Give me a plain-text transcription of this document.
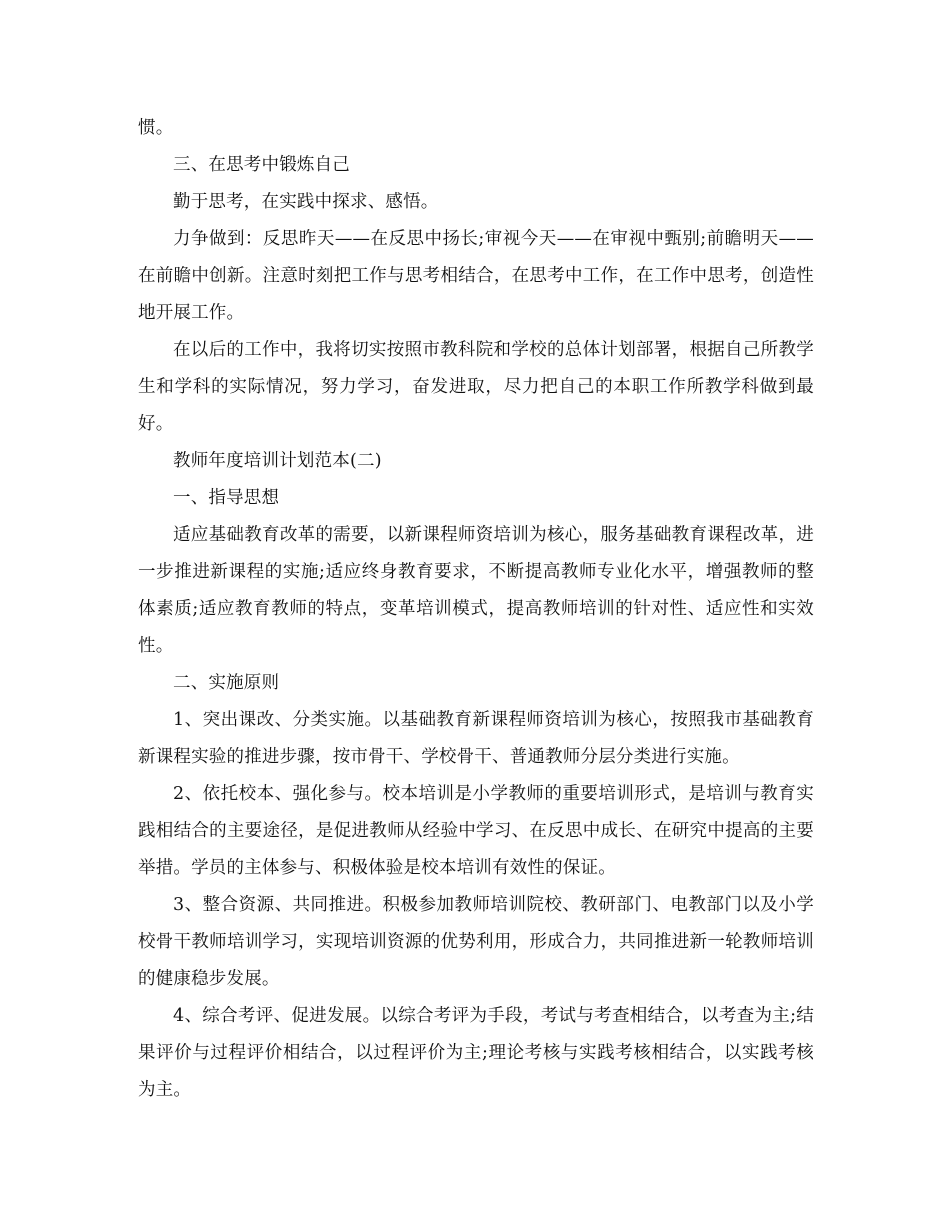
惯。

三、在思考中锻炼自己

勤于思考，在实践中探求、感悟。

力争做到：反思昨天——在反思中扬长;审视今天——在审视中甄别;前瞻明天——在前瞻中创新。注意时刻把工作与思考相结合，在思考中工作，在工作中思考，创造性地开展工作。

在以后的工作中，我将切实按照市教科院和学校的总体计划部署，根据自己所教学生和学科的实际情况，努力学习，奋发进取，尽力把自己的本职工作所教学科做到最好。

教师年度培训计划范本(二)

一、指导思想

适应基础教育改革的需要，以新课程师资培训为核心，服务基础教育课程改革，进一步推进新课程的实施;适应终身教育要求，不断提高教师专业化水平，增强教师的整体素质;适应教育教师的特点，变革培训模式，提高教师培训的针对性、适应性和实效性。

二、实施原则

1、突出课改、分类实施。以基础教育新课程师资培训为核心，按照我市基础教育新课程实验的推进步骤，按市骨干、学校骨干、普通教师分层分类进行实施。

2、依托校本、强化参与。校本培训是小学教师的重要培训形式，是培训与教育实践相结合的主要途径，是促进教师从经验中学习、在反思中成长、在研究中提高的主要举措。学员的主体参与、积极体验是校本培训有效性的保证。

3、整合资源、共同推进。积极参加教师培训院校、教研部门、电教部门以及小学校骨干教师培训学习，实现培训资源的优势利用，形成合力，共同推进新一轮教师培训的健康稳步发展。

4、综合考评、促进发展。以综合考评为手段，考试与考查相结合，以考查为主;结果评价与过程评价相结合，以过程评价为主;理论考核与实践考核相结合，以实践考核为主。
